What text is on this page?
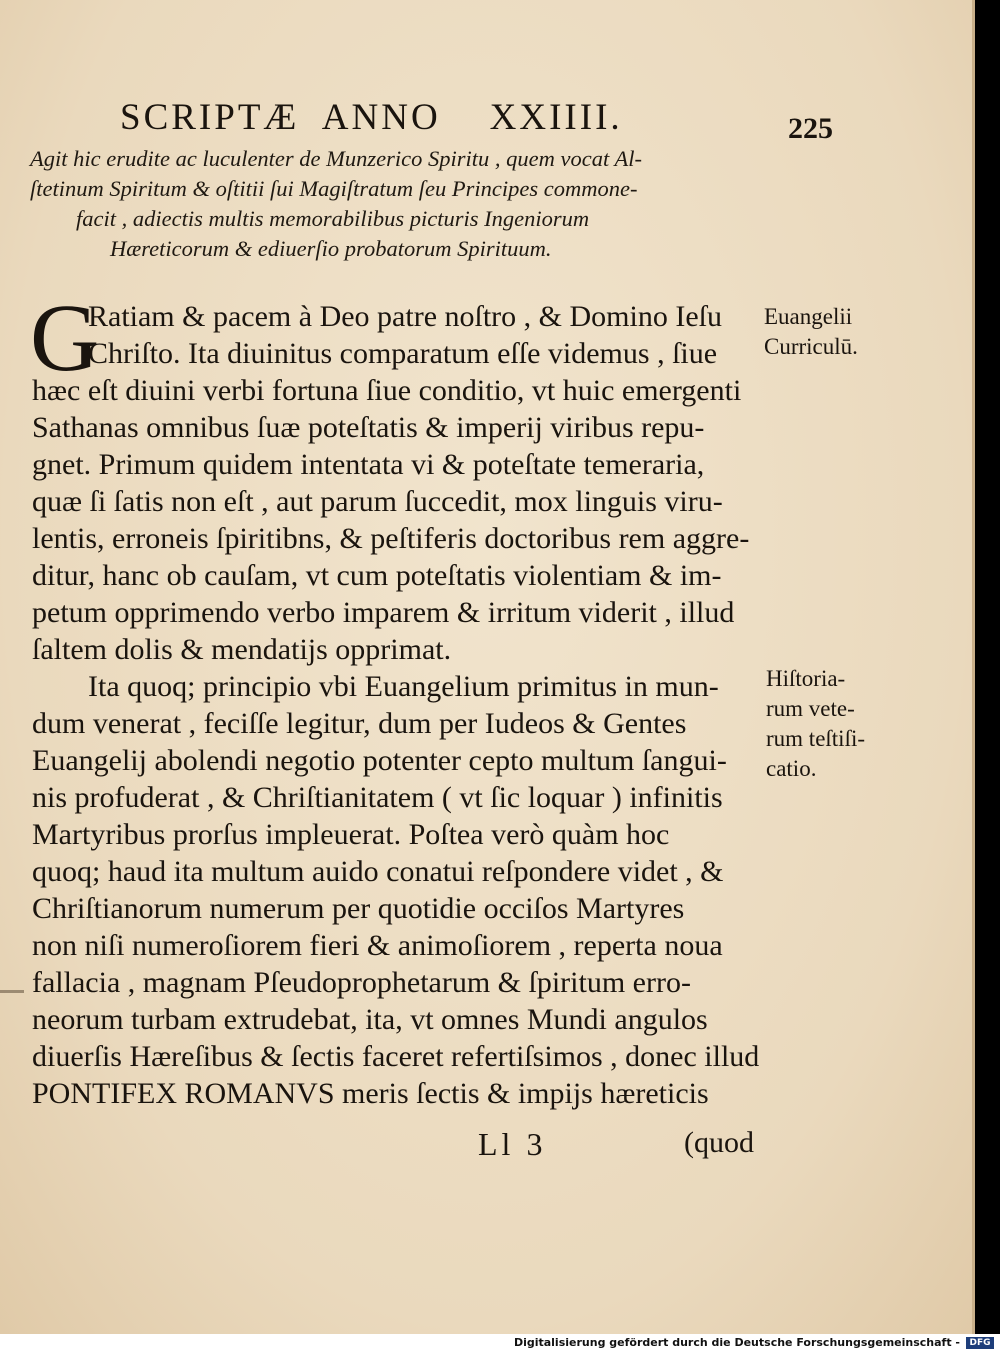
SCRIPTÆ  ANNO    XXIIII.	225
Agit hic erudite ac luculenter de Munzerico Spiritu , quem vocat Al-
ſtetinum Spiritum & oſtitii ſui Magiſtratum ſeu Principes commone-
facit , adiectis multis memorabilibus picturis Ingeniorum
Hæreticorum & ediuerſio probatorum Spirituum.
G
Ratiam & pacem à Deo patre noſtro , & Domino Ieſu
Chriſto. Ita diuinitus comparatum eſſe videmus , ſiue
hæc eſt diuini verbi fortuna ſiue conditio, vt huic emergenti
Sathanas omnibus ſuæ poteſtatis & imperij viribus repu-
gnet. Primum quidem intentata vi & poteſtate temeraria,
quæ ſi ſatis non eſt , aut parum ſuccedit, mox linguis viru-
lentis, erroneis ſpiritibns, & peſtiferis doctoribus rem aggre-
ditur, hanc ob cauſam, vt cum poteſtatis violentiam & im-
petum opprimendo verbo imparem & irritum viderit , illud
ſaltem dolis & mendatijs opprimat.
Ita quoq; principio vbi Euangelium primitus in mun-
dum venerat , feciſſe legitur, dum per Iudeos & Gentes
Euangelij abolendi negotio potenter cepto multum ſangui-
nis profuderat , & Chriſtianitatem ( vt ſic loquar ) infinitis
Martyribus prorſus impleuerat. Poſtea verò quàm hoc
quoq; haud ita multum auido conatui reſpondere videt , &
Chriſtianorum numerum per quotidie occiſos Martyres
non niſi numeroſiorem fieri & animoſiorem , reperta noua
fallacia , magnam Pſeudoprophetarum & ſpiritum erro-
neorum turbam extrudebat, ita, vt omnes Mundi angulos
diuerſis Hæreſibus & ſectis faceret refertiſsimos , donec illud
PONTIFEX ROMANVS meris ſectis & impijs hæreticis
Euangelii
Curriculū.
Hiſtoria-
rum vete-
rum teſtiſi-
catio.
Ll 3	(quod
Digitalisierung gefördert durch die Deutsche Forschungsgemeinschaft -	DFG
